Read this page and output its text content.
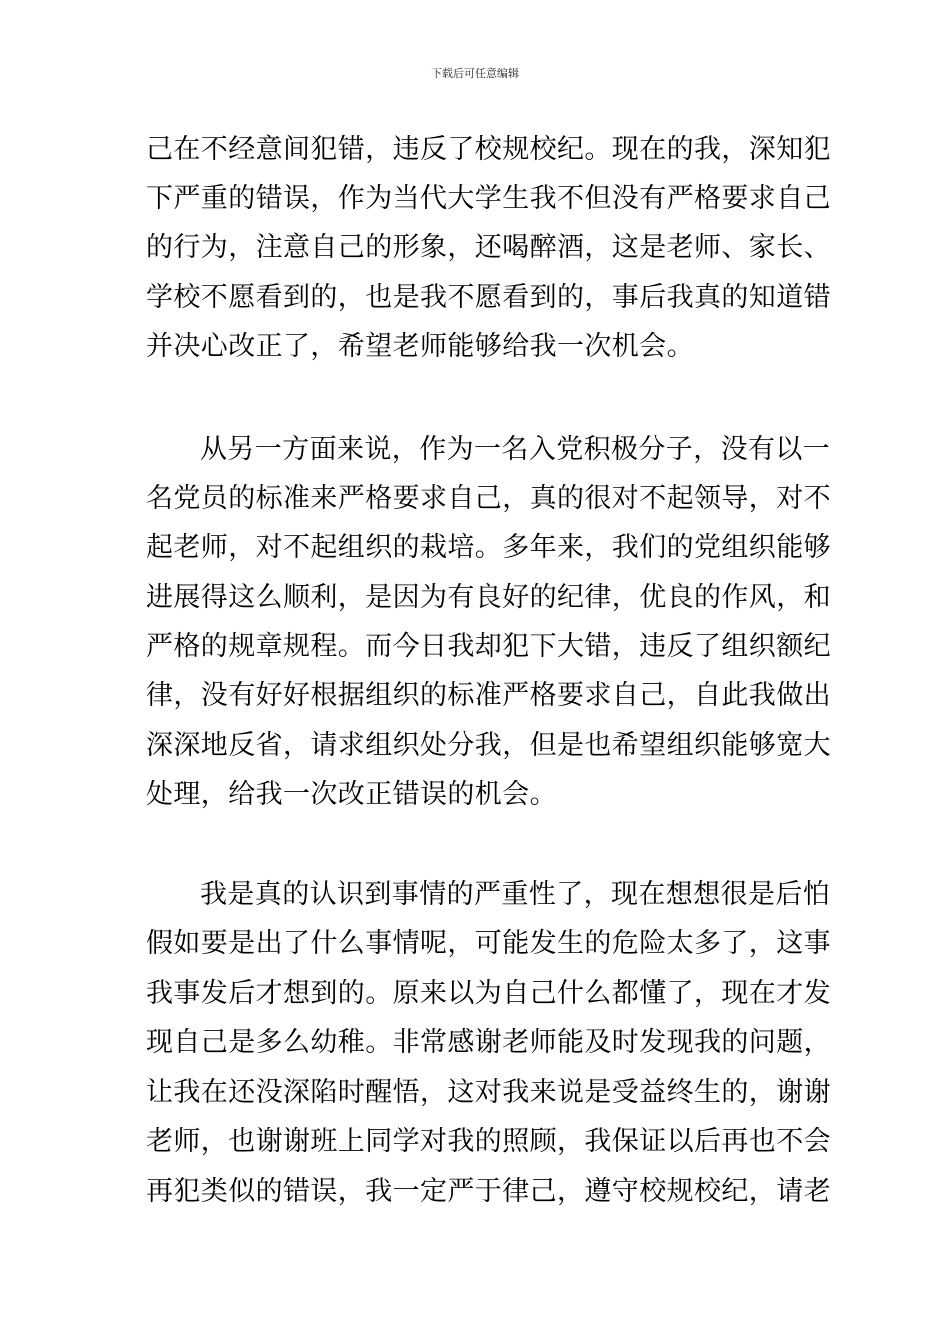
下载后可任意编辑
己在不经意间犯错，违反了校规校纪。现在的我，深知犯
下严重的错误，作为当代大学生我不但没有严格要求自己
的行为，注意自己的形象，还喝醉酒，这是老师、家长、
学校不愿看到的，也是我不愿看到的，事后我真的知道错
并决心改正了，希望老师能够给我一次机会。
从另一方面来说，作为一名入党积极分子，没有以一
名党员的标准来严格要求自己，真的很对不起领导，对不
起老师，对不起组织的栽培。多年来，我们的党组织能够
进展得这么顺利，是因为有良好的纪律，优良的作风，和
严格的规章规程。而今日我却犯下大错，违反了组织额纪
律，没有好好根据组织的标准严格要求自己，自此我做出
深深地反省，请求组织处分我，但是也希望组织能够宽大
处理，给我一次改正错误的机会。
我是真的认识到事情的严重性了，现在想想很是后怕
假如要是出了什么事情呢，可能发生的危险太多了，这事
我事发后才想到的。原来以为自己什么都懂了，现在才发
现自己是多么幼稚。非常感谢老师能及时发现我的问题，
让我在还没深陷时醒悟，这对我来说是受益终生的，谢谢
老师，也谢谢班上同学对我的照顾，我保证以后再也不会
再犯类似的错误，我一定严于律己，遵守校规校纪，请老
